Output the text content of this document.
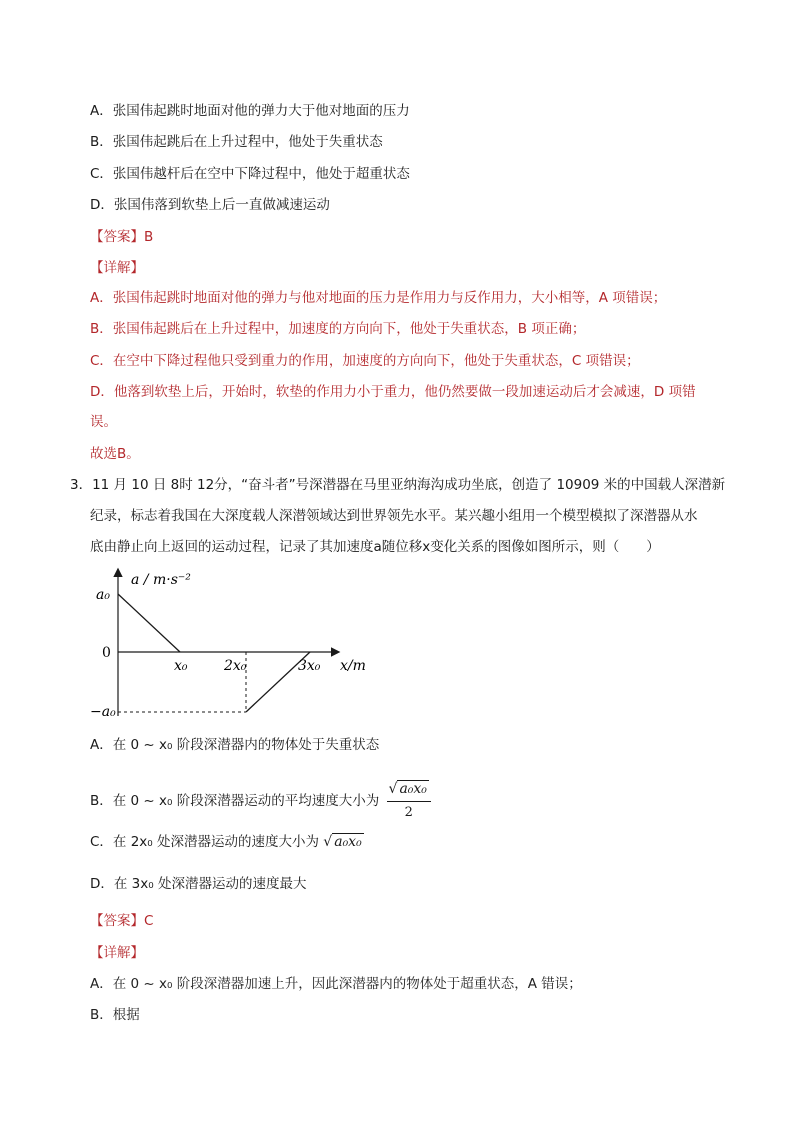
A．张国伟起跳时地面对他的弹力大于他对地面的压力
B．张国伟起跳后在上升过程中，他处于失重状态
C．张国伟越杆后在空中下降过程中，他处于超重状态
D．张国伟落到软垫上后一直做减速运动
【答案】B
【详解】
A．张国伟起跳时地面对他的弹力与他对地面的压力是作用力与反作用力，大小相等，A 项错误；
B．张国伟起跳后在上升过程中，加速度的方向向下，他处于失重状态，B 项正确；
C．在空中下降过程他只受到重力的作用，加速度的方向向下，他处于失重状态，C 项错误；
D．他落到软垫上后，开始时，软垫的作用力小于重力，他仍然要做一段加速运动后才会减速，D 项错
误。
故选B。
3．11 月 10 日 8时 12分，“奋斗者”号深潜器在马里亚纳海沟成功坐底，创造了 10909 米的中国载人深潜新
纪录，标志着我国在大深度载人深潜领域达到世界领先水平。某兴趣小组用一个模型模拟了深潜器从水
底由静止向上返回的运动过程，记录了其加速度a随位移x变化关系的图像如图所示，则（　　）
a / m·s⁻²
a₀
0
−a₀
x₀	2x₀	3x₀ x/m
A．在 0 ~ x₀ 阶段深潜器内的物体处于失重状态
B．在 0 ~ x₀ 阶段深潜器运动的平均速度大小为 $\frac{\text{√ a₀x₀}}{2}$
C．在 2x₀ 处深潜器运动的速度大小为 √ a₀x₀
D．在 3x₀ 处深潜器运动的速度最大
【答案】C
【详解】
A．在 0 ~ x₀ 阶段深潜器加速上升，因此深潜器内的物体处于超重状态，A 错误；
B．根据
